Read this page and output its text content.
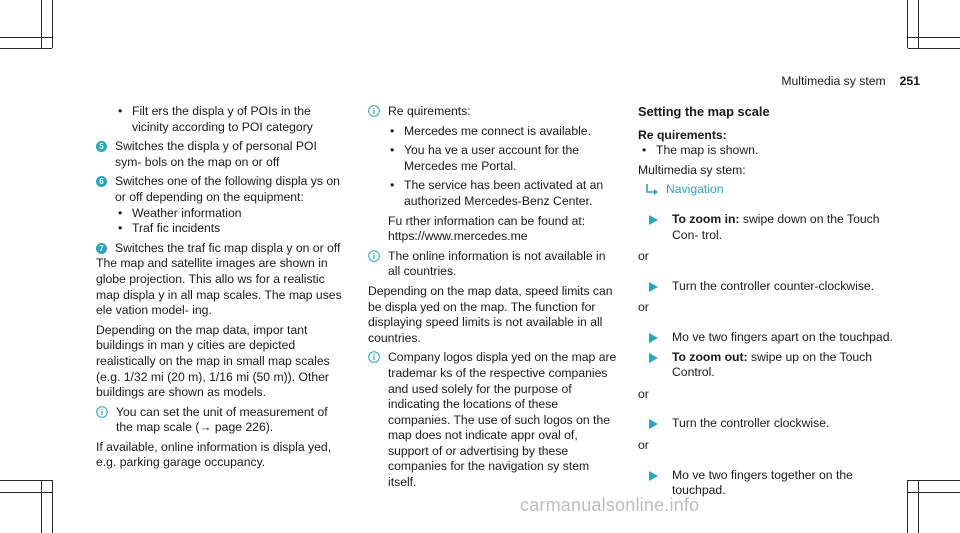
Multimedia sy stem 251
• Filt ers the displa y of POIs in the vicinity according to POI category
5 Switches the displa y of personal POI sym‐ bols on the map on or off
6 Switches one of the following displa ys on or off depending on the equipment:
• Weather information
• Traf fic incidents
7 Switches the traf fic map displa y on or off

The map and satellite images are shown in globe projection. This allo ws for a realistic map displa y in all map scales. The map uses ele vation model‐ ing.

Depending on the map data, impor tant buildings in man y cities are depicted realistically on the map in small map scales (e.g. 1/32 mi (20 m), 1/16 mi (50 m)). Other buildings are shown as models.

You can set the unit of measurement of the map scale (→ page 226).

If available, online information is displa yed, e.g. parking garage occupancy.

Re quirements:
• Mercedes me connect is available.
• You ha ve a user account for the Mercedes me Portal.
• The service has been activated at an authorized Mercedes-Benz Center.

Fu rther information can be found at:

https://www.mercedes.me

The online information is not available in all countries.

Depending on the map data, speed limits can be displa yed on the map. The function for displaying speed limits is not available in all countries.

Company logos displa yed on the map are trademar ks of the respective companies and used solely for the purpose of indicating the locations of these companies. The use of such logos on the map does not indicate appr oval of, support of or advertising by these companies for the navigation sy stem itself.

Setting the map scale

Re quirements:

• The map is shown.

Multimedia sy stem:

Navigation
To zoom in: swipe down on the Touch Con‐ trol.

or

Turn the controller counter-clockwise.

or

Mo ve two fingers apart on the touchpad.
To zoom out: swipe up on the Touch Control.

or

Turn the controller clockwise.

or

Mo ve two fingers together on the touchpad.
carmanualsonline.info
